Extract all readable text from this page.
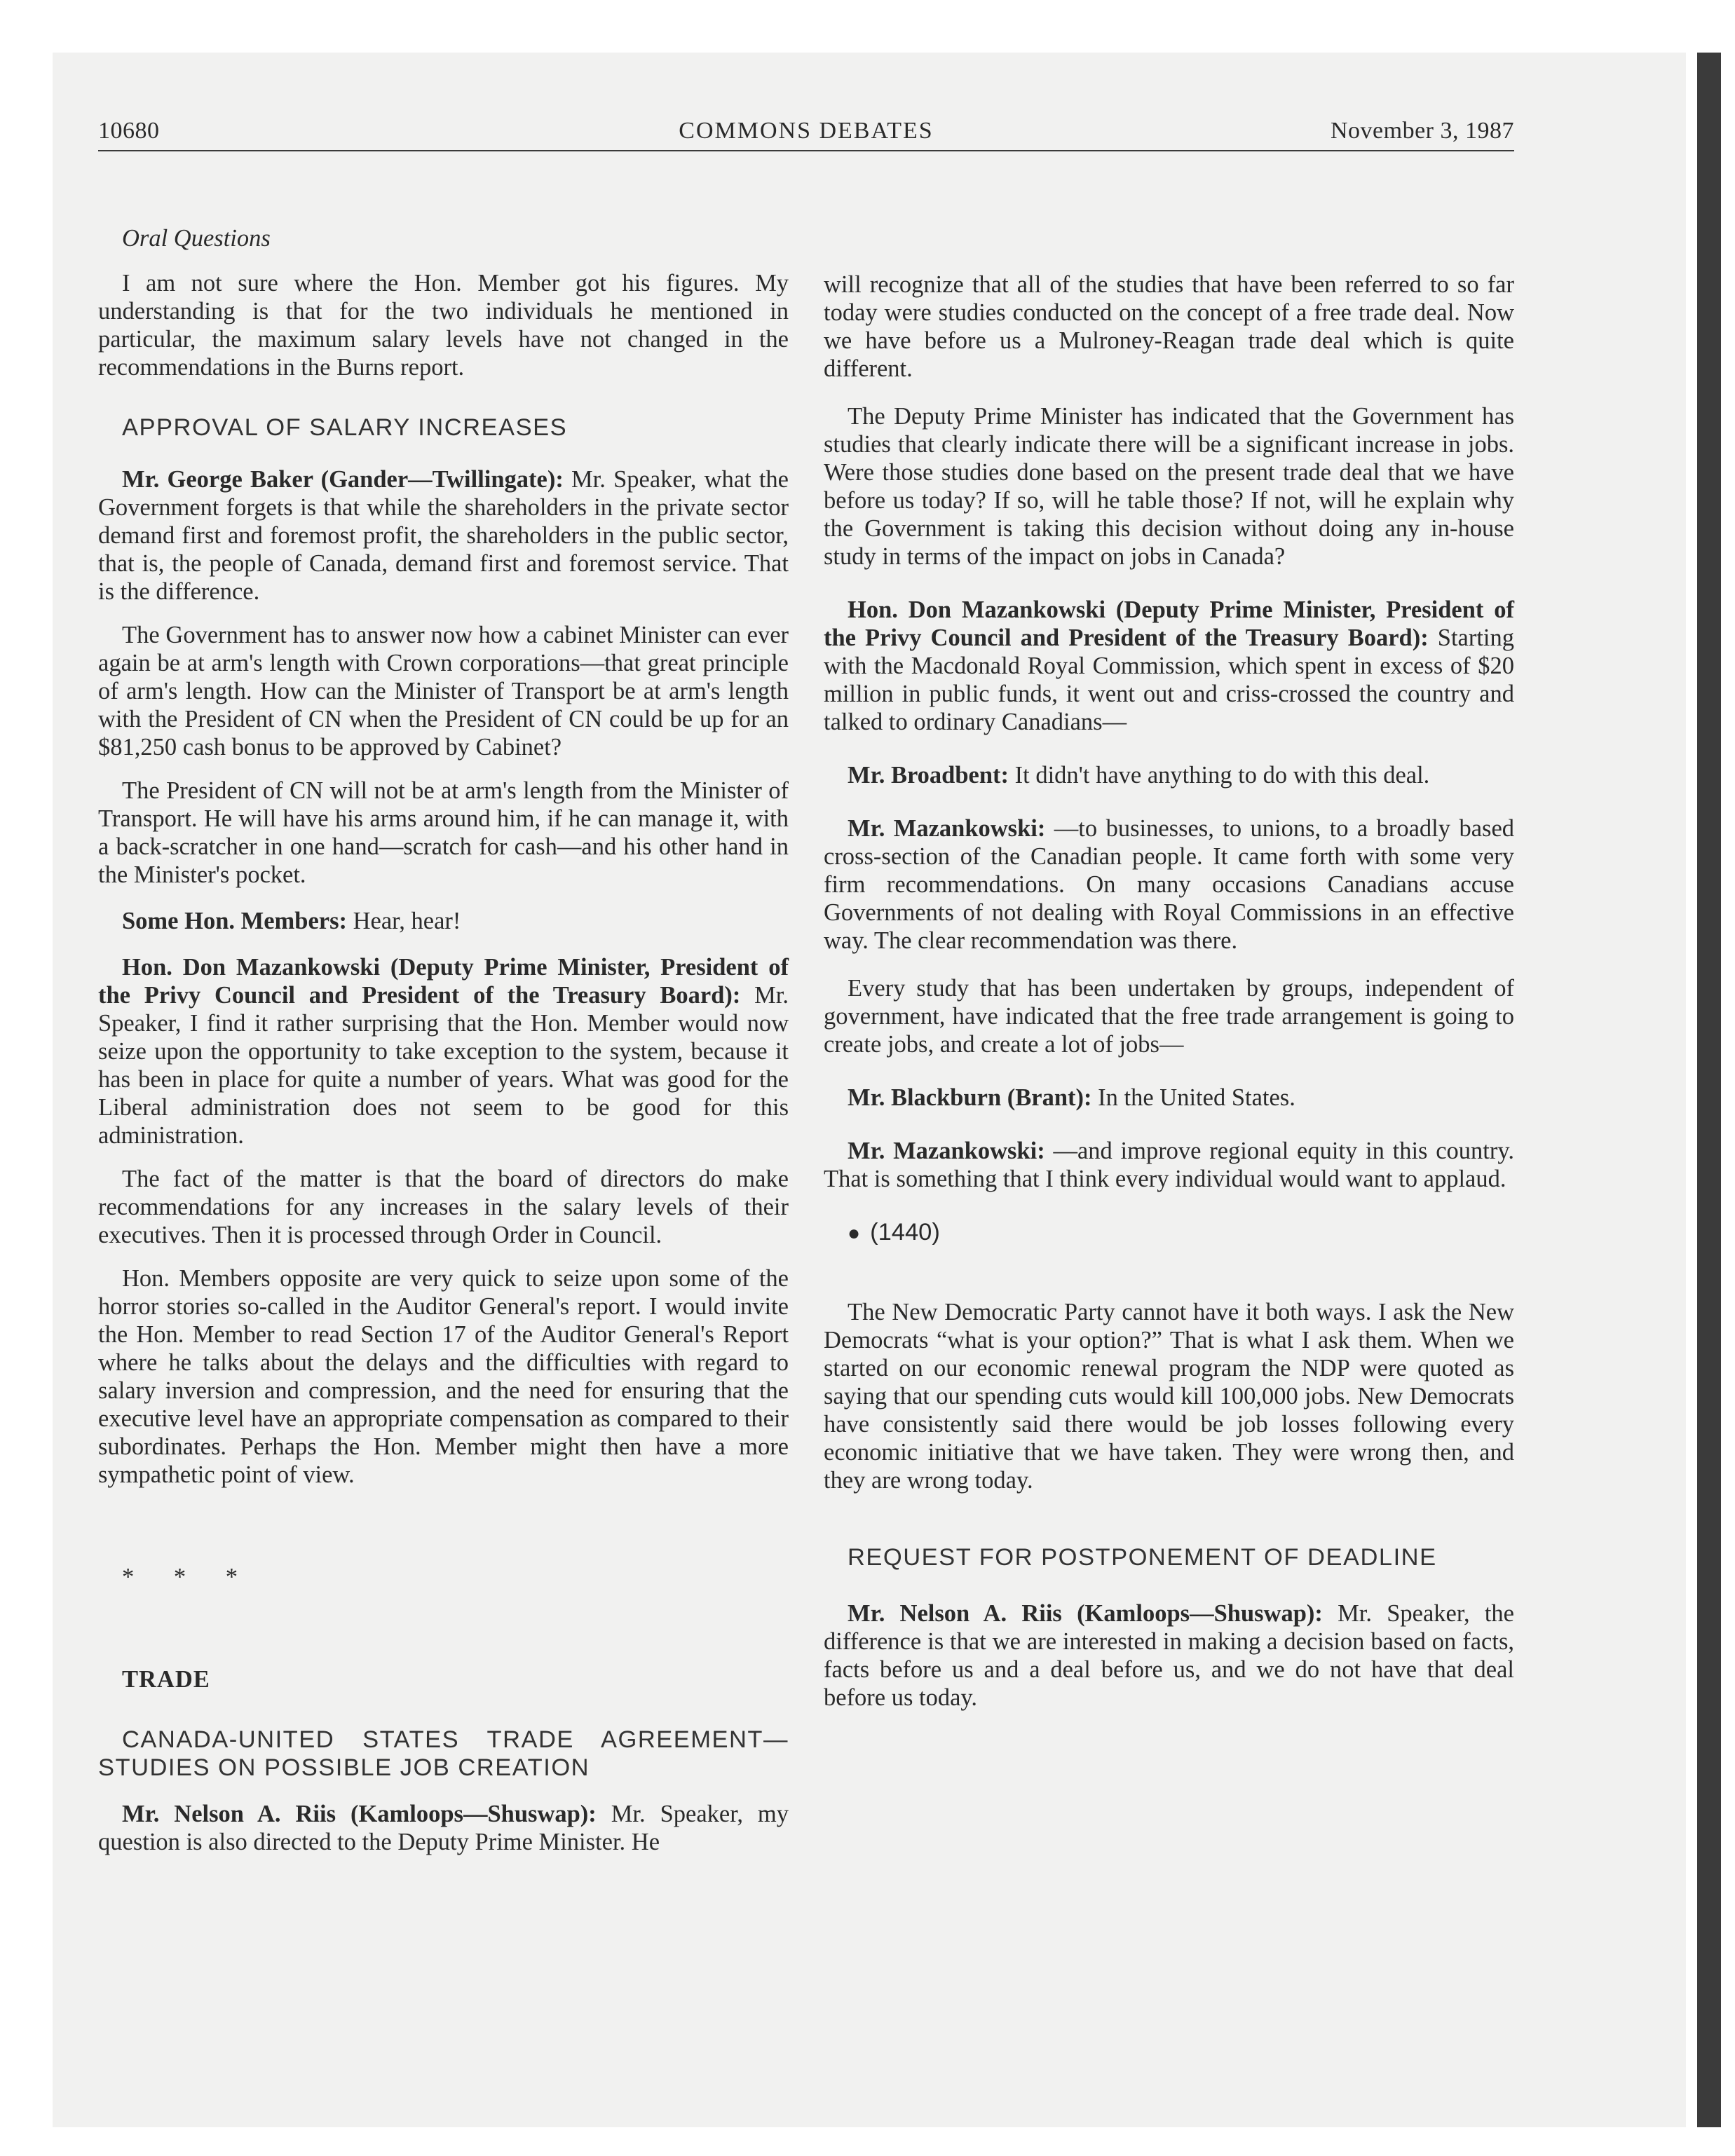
10680	COMMONS DEBATES	November 3, 1987

Oral Questions

I am not sure where the Hon. Member got his figures. My understanding is that for the two individuals he mentioned in particular, the maximum salary levels have not changed in the recommendations in the Burns report.

APPROVAL OF SALARY INCREASES

Mr. George Baker (Gander—Twillingate): Mr. Speaker, what the Government forgets is that while the shareholders in the private sector demand first and foremost profit, the shareholders in the public sector, that is, the people of Canada, demand first and foremost service. That is the difference.

The Government has to answer now how a cabinet Minister can ever again be at arm's length with Crown corporations—that great principle of arm's length. How can the Minister of Transport be at arm's length with the President of CN when the President of CN could be up for an $81,250 cash bonus to be approved by Cabinet?

The President of CN will not be at arm's length from the Minister of Transport. He will have his arms around him, if he can manage it, with a back-scratcher in one hand—scratch for cash—and his other hand in the Minister's pocket.

Some Hon. Members: Hear, hear!

Hon. Don Mazankowski (Deputy Prime Minister, President of the Privy Council and President of the Treasury Board): Mr. Speaker, I find it rather surprising that the Hon. Member would now seize upon the opportunity to take exception to the system, because it has been in place for quite a number of years. What was good for the Liberal administration does not seem to be good for this administration.

The fact of the matter is that the board of directors do make recommendations for any increases in the salary levels of their executives. Then it is processed through Order in Council.

Hon. Members opposite are very quick to seize upon some of the horror stories so-called in the Auditor General's report. I would invite the Hon. Member to read Section 17 of the Auditor General's Report where he talks about the delays and the difficulties with regard to salary inversion and compression, and the need for ensuring that the executive level have an appropriate compensation as compared to their subordinates. Perhaps the Hon. Member might then have a more sympathetic point of view.

* * *

TRADE

CANADA-UNITED STATES TRADE AGREEMENT—STUDIES ON POSSIBLE JOB CREATION

Mr. Nelson A. Riis (Kamloops—Shuswap): Mr. Speaker, my question is also directed to the Deputy Prime Minister. He

will recognize that all of the studies that have been referred to so far today were studies conducted on the concept of a free trade deal. Now we have before us a Mulroney-Reagan trade deal which is quite different.

The Deputy Prime Minister has indicated that the Government has studies that clearly indicate there will be a significant increase in jobs. Were those studies done based on the present trade deal that we have before us today? If so, will he table those? If not, will he explain why the Government is taking this decision without doing any in-house study in terms of the impact on jobs in Canada?

Hon. Don Mazankowski (Deputy Prime Minister, President of the Privy Council and President of the Treasury Board): Starting with the Macdonald Royal Commission, which spent in excess of $20 million in public funds, it went out and criss-crossed the country and talked to ordinary Canadians—

Mr. Broadbent: It didn't have anything to do with this deal.

Mr. Mazankowski: —to businesses, to unions, to a broadly based cross-section of the Canadian people. It came forth with some very firm recommendations. On many occasions Canadians accuse Governments of not dealing with Royal Commissions in an effective way. The clear recommendation was there.

Every study that has been undertaken by groups, independent of government, have indicated that the free trade arrangement is going to create jobs, and create a lot of jobs—

Mr. Blackburn (Brant): In the United States.

Mr. Mazankowski: —and improve regional equity in this country. That is something that I think every individual would want to applaud.

● (1440)

The New Democratic Party cannot have it both ways. I ask the New Democrats “what is your option?” That is what I ask them. When we started on our economic renewal program the NDP were quoted as saying that our spending cuts would kill 100,000 jobs. New Democrats have consistently said there would be job losses following every economic initiative that we have taken. They were wrong then, and they are wrong today.

REQUEST FOR POSTPONEMENT OF DEADLINE

Mr. Nelson A. Riis (Kamloops—Shuswap): Mr. Speaker, the difference is that we are interested in making a decision based on facts, facts before us and a deal before us, and we do not have that deal before us today.
